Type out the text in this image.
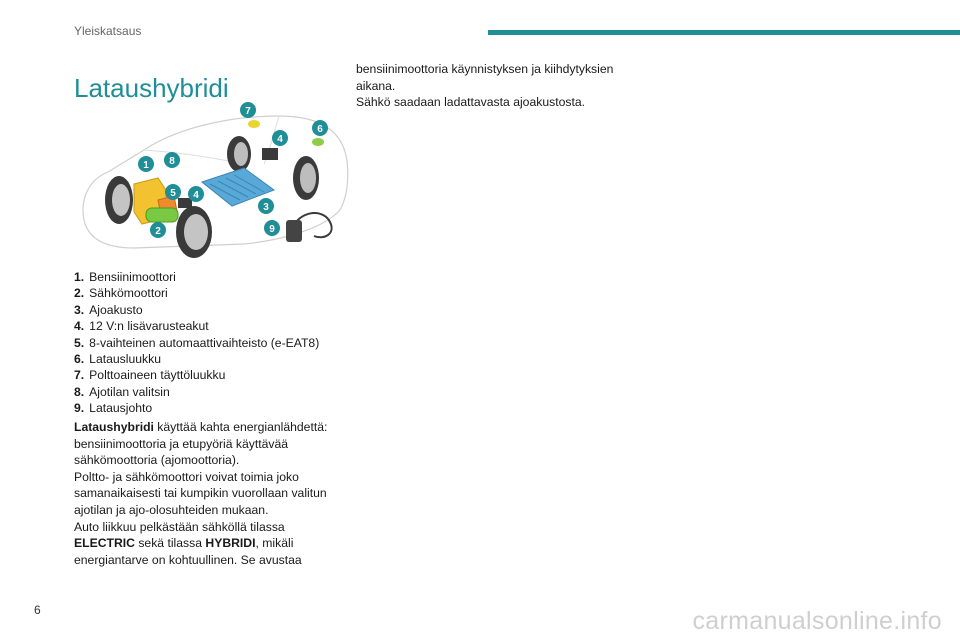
Yleiskatsaus
Lataushybridi
1
2
3
4
4
5
6
7
8
9
1. Bensiinimoottori
2. Sähkömoottori
3. Ajoakusto
4. 12 V:n lisävarusteakut
5. 8-vaihteinen automaattivaihteisto (e-EAT8)
6. Latausluukku
7. Polttoaineen täyttöluukku
8. Ajotilan valitsin
9. Latausjohto

Lataushybridi käyttää kahta energianlähdettä: bensiinimoottoria ja etupyöriä käyttävää sähkömoottoria (ajomoottoria).

Poltto- ja sähkömoottori voivat toimia joko samanaikaisesti tai kumpikin vuorollaan valitun ajotilan ja ajo-olosuhteiden mukaan.

Auto liikkuu pelkästään sähköllä tilassa ELECTRIC sekä tilassa HYBRIDI, mikäli energiantarve on kohtuullinen. Se avustaa

bensiinimoottoria käynnistyksen ja kiihdytyksien aikana.

Sähkö saadaan ladattavasta ajoakustosta.

6	carmanualsonline.info
